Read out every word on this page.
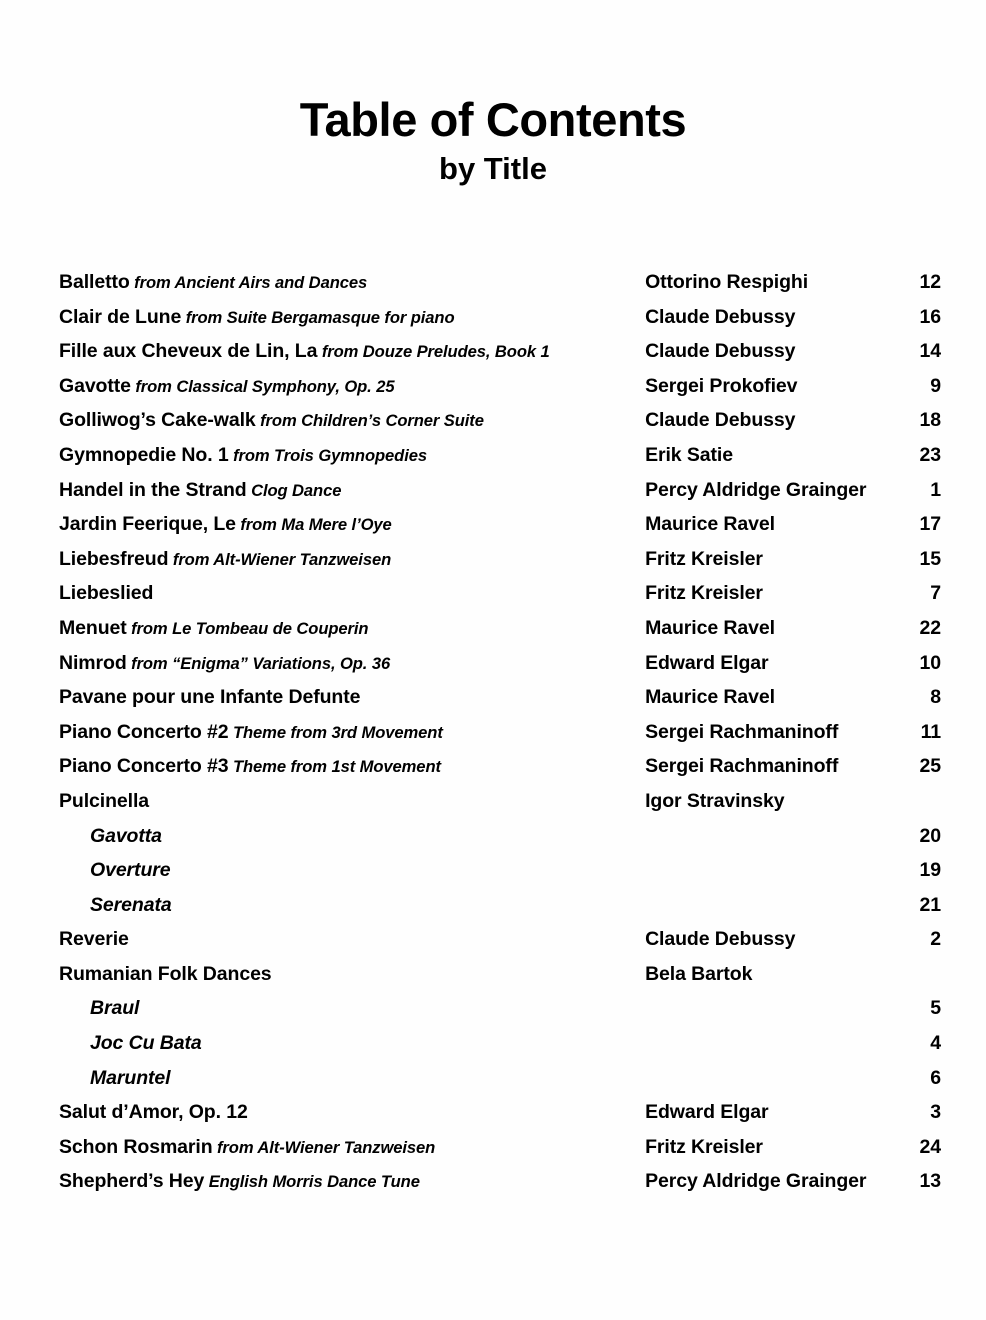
Table of Contents
by Title
Balletto from Ancient Airs and Dances	Ottorino Respighi	12
Clair de Lune from Suite Bergamasque for piano	Claude Debussy	16
Fille aux Cheveux de Lin, La from Douze Preludes, Book 1	Claude Debussy	14
Gavotte from Classical Symphony, Op. 25	Sergei Prokofiev	9
Golliwog’s Cake-walk from Children’s Corner Suite	Claude Debussy	18
Gymnopedie No. 1 from Trois Gymnopedies	Erik Satie	23
Handel in the Strand Clog Dance	Percy Aldridge Grainger	1
Jardin Feerique, Le from Ma Mere l’Oye	Maurice Ravel	17
Liebesfreud from Alt-Wiener Tanzweisen	Fritz Kreisler	15
Liebeslied	Fritz Kreisler	7
Menuet from Le Tombeau de Couperin	Maurice Ravel	22
Nimrod from “Enigma” Variations, Op. 36	Edward Elgar	10
Pavane pour une Infante Defunte	Maurice Ravel	8
Piano Concerto #2 Theme from 3rd Movement	Sergei Rachmaninoff	11
Piano Concerto #3 Theme from 1st Movement	Sergei Rachmaninoff	25
Pulcinella	Igor Stravinsky	
Gavotta		20
Overture		19
Serenata		21
Reverie	Claude Debussy	2
Rumanian Folk Dances	Bela Bartok	
Braul		5
Joc Cu Bata		4
Maruntel		6
Salut d’Amor, Op. 12	Edward Elgar	3
Schon Rosmarin from Alt-Wiener Tanzweisen	Fritz Kreisler	24
Shepherd’s Hey English Morris Dance Tune	Percy Aldridge Grainger	13
